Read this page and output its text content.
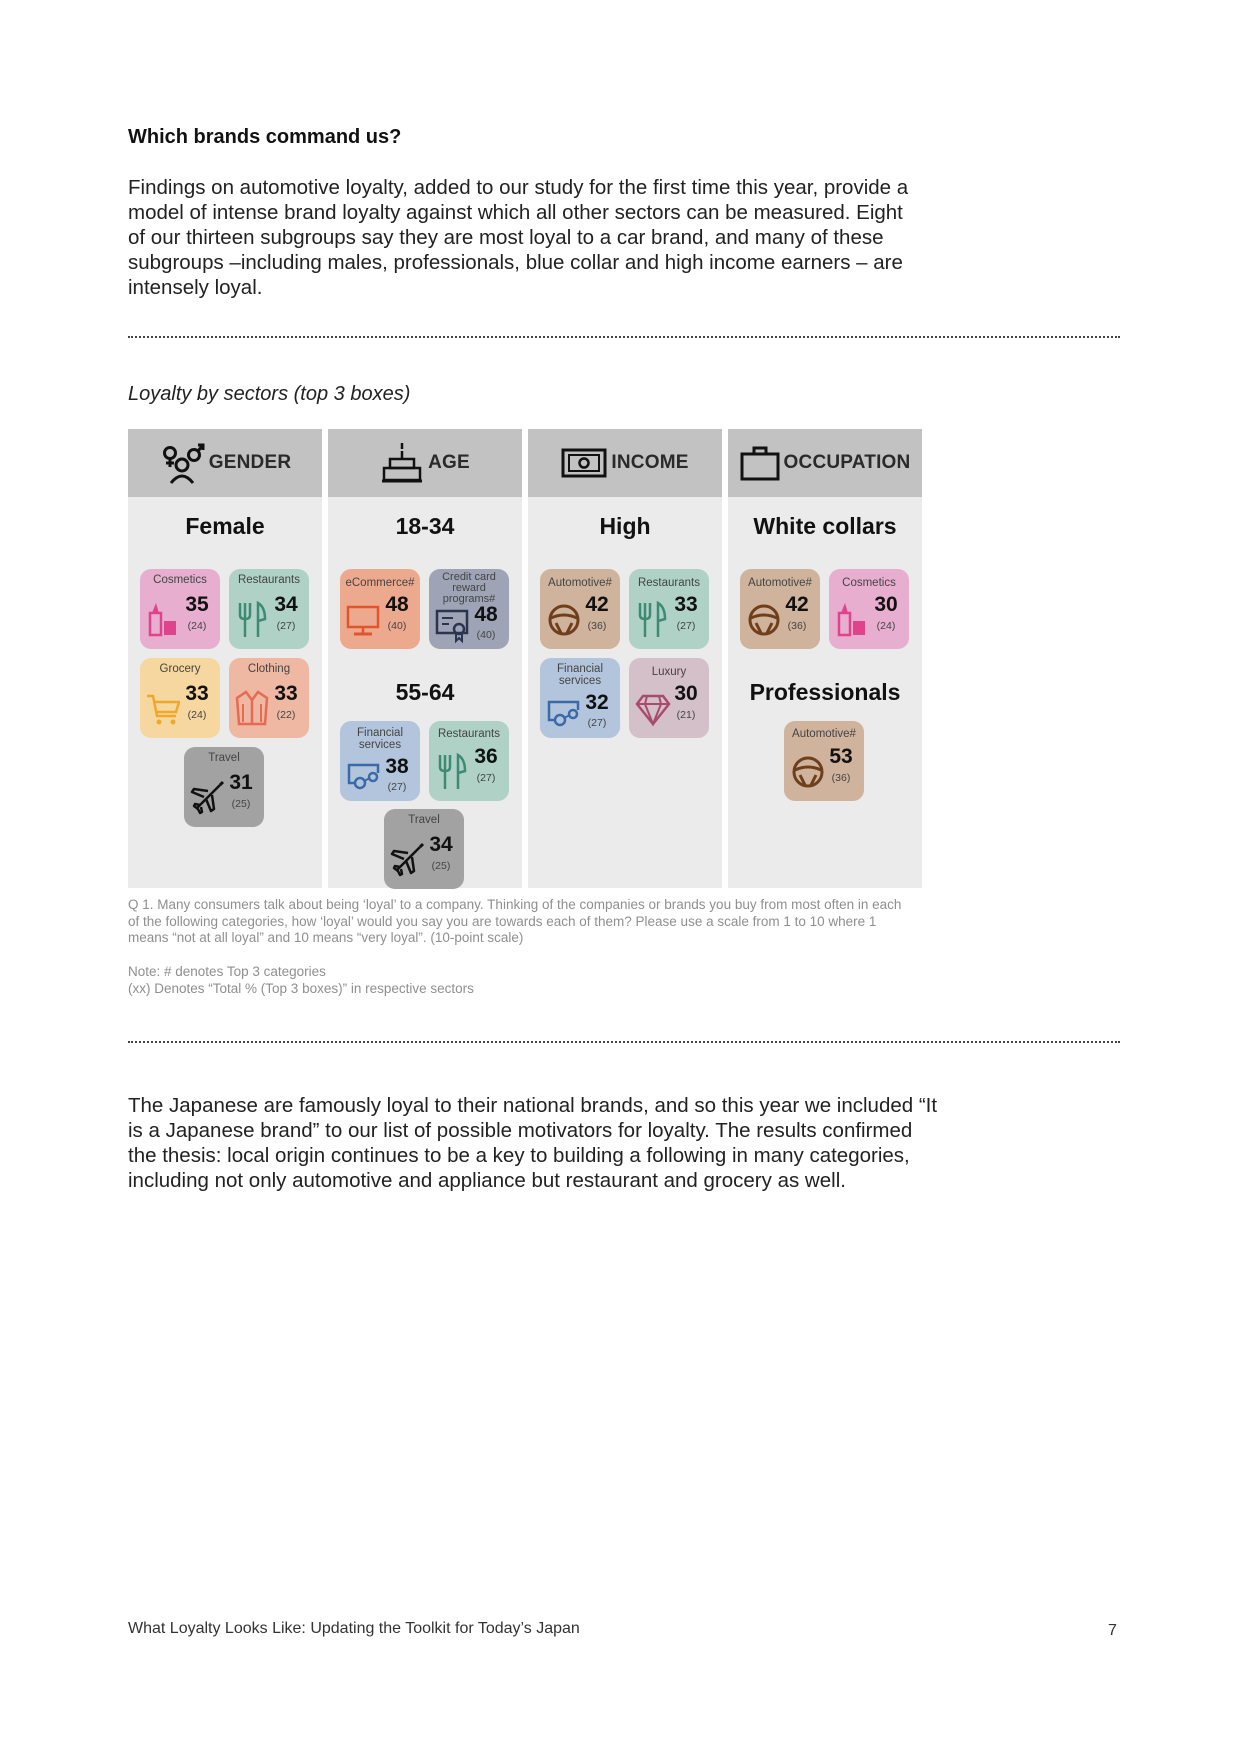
Which brands command us?
Findings on automotive loyalty, added to our study for the first time this year, provide a
model of intense brand loyalty against which all other sectors can be measured. Eight
of our thirteen subgroups say they are most loyal to a car brand, and many of these
subgroups –including males, professionals, blue collar and high income earners – are
intensely loyal.
Loyalty by sectors (top 3 boxes)
GENDER
Female
Cosmetics
35
(24)
Restaurants
34
(27)
Grocery
33
(24)
Clothing
33
(22)
Travel
31
(25)
AGE
18-34
eCommerce#
48
(40)
Credit card reward programs#
48
(40)
55-64
Financial services
38
(27)
Restaurants
36
(27)
Travel
34
(25)
INCOME
High
Automotive#
42
(36)
Restaurants
33
(27)
Financial services
32
(27)
Luxury
30
(21)
OCCUPATION
White collars
Automotive#
42
(36)
Cosmetics
30
(24)
Professionals
Automotive#
53
(36)
Q 1. Many consumers talk about being ‘loyal’ to a company. Thinking of the companies or brands you buy from most often in each
of the following categories, how ‘loyal’ would you say you are towards each of them? Please use a scale from 1 to 10 where 1
means “not at all loyal” and 10 means “very loyal”. (10-point scale)
Note: # denotes Top 3 categories
(xx) Denotes “Total % (Top 3 boxes)” in respective sectors
The Japanese are famously loyal to their national brands, and so this year we included “It
is a Japanese brand” to our list of possible motivators for loyalty. The results confirmed
the thesis: local origin continues to be a key to building a following in many categories,
including not only automotive and appliance but restaurant and grocery as well.
What Loyalty Looks Like: Updating the Toolkit for Today’s Japan	7
